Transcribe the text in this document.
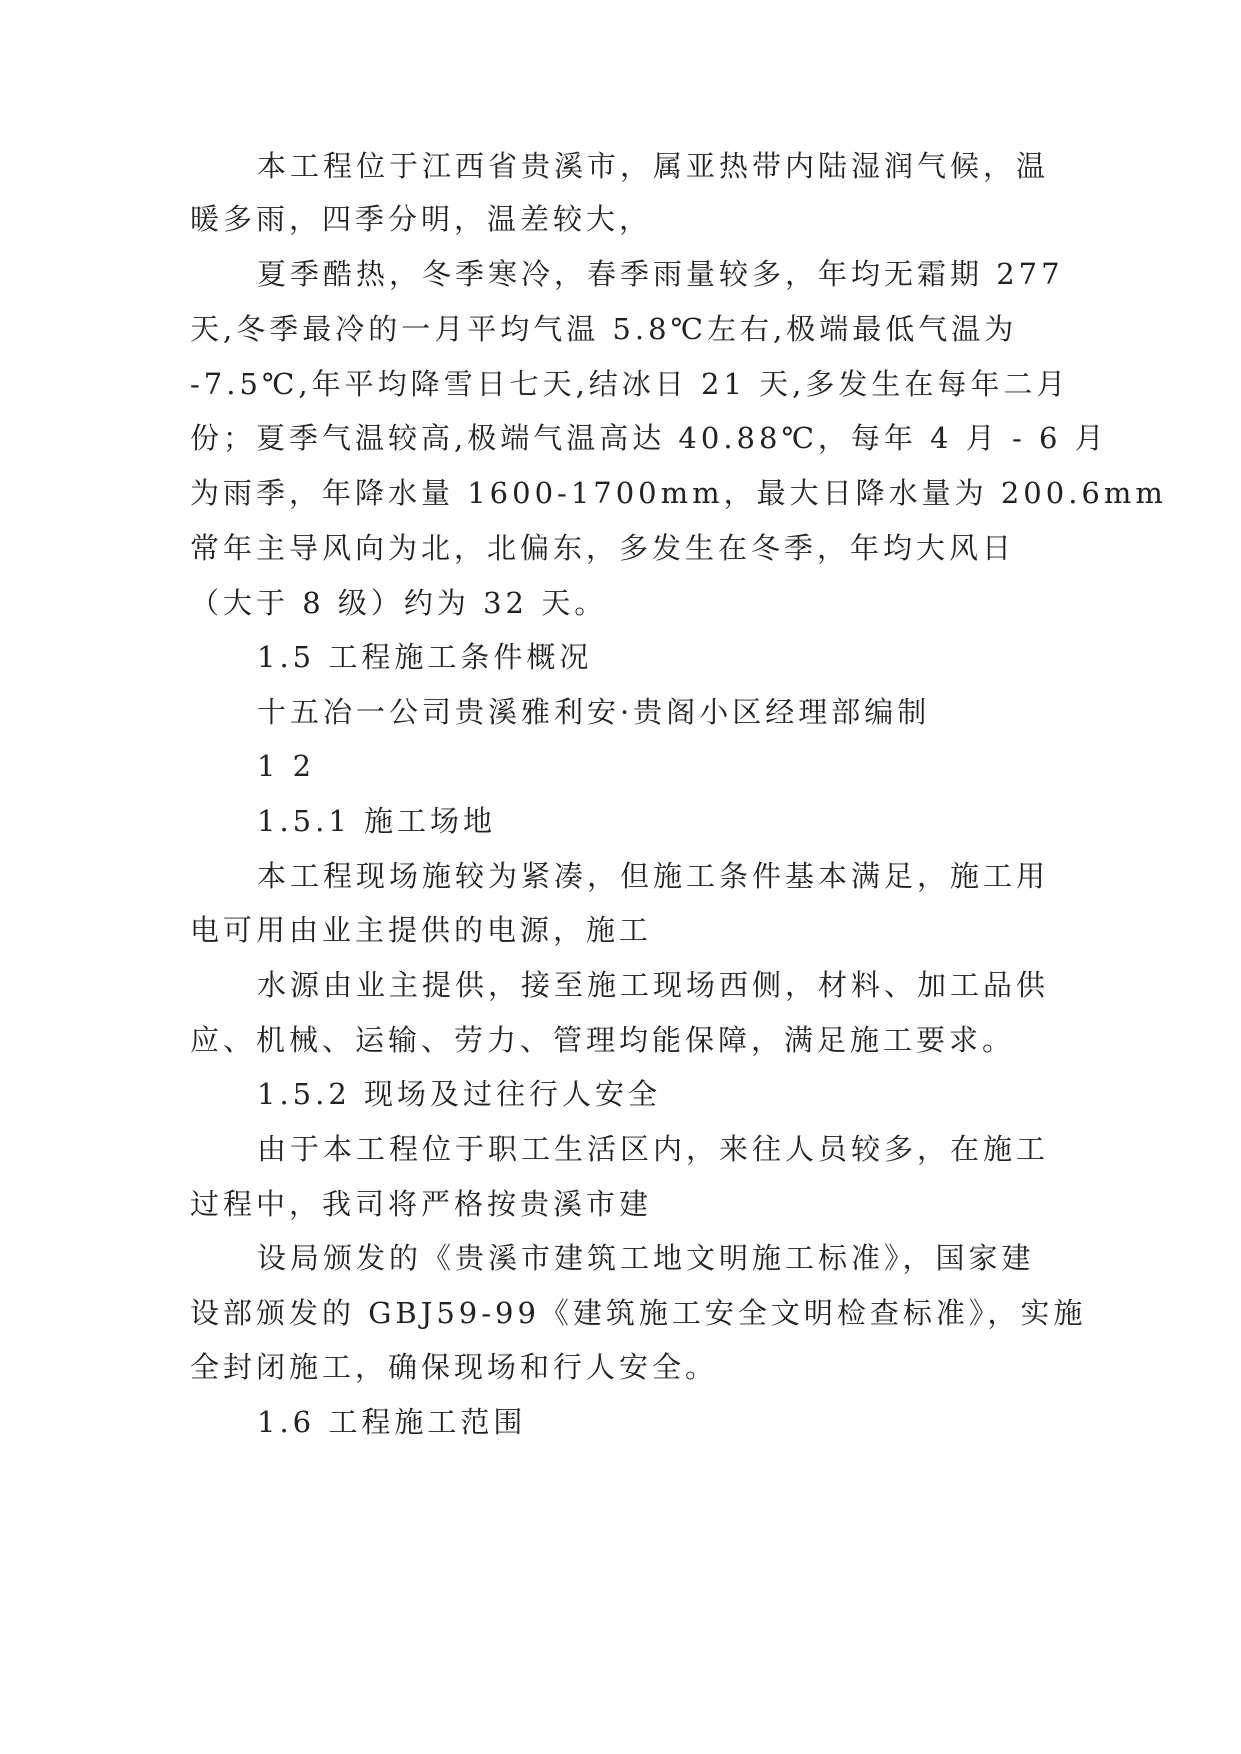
本工程位于江西省贵溪市，属亚热带内陆湿润气候，温
暖多雨，四季分明，温差较大，
夏季酷热，冬季寒冷，春季雨量较多，年均无霜期 277
天,冬季最冷的一月平均气温 5.8℃左右,极端最低气温为
-7.5℃,年平均降雪日七天,结冰日 21 天,多发生在每年二月
份；夏季气温较高,极端气温高达 40.88℃，每年 4 月 - 6 月
为雨季，年降水量 1600-1700mm，最大日降水量为 200.6mm
常年主导风向为北，北偏东，多发生在冬季，年均大风日
（大于 8 级）约为 32 天。
1.5 工程施工条件概况
十五冶一公司贵溪雅利安·贵阁小区经理部编制
1 2
1.5.1 施工场地
本工程现场施较为紧凑，但施工条件基本满足，施工用
电可用由业主提供的电源，施工
水源由业主提供，接至施工现场西侧，材料、加工品供
应、机械、运输、劳力、管理均能保障，满足施工要求。
1.5.2 现场及过往行人安全
由于本工程位于职工生活区内，来往人员较多，在施工
过程中，我司将严格按贵溪市建
设局颁发的《贵溪市建筑工地文明施工标准》，国家建
设部颁发的 GBJ59-99《建筑施工安全文明检查标准》，实施
全封闭施工，确保现场和行人安全。
1.6 工程施工范围
